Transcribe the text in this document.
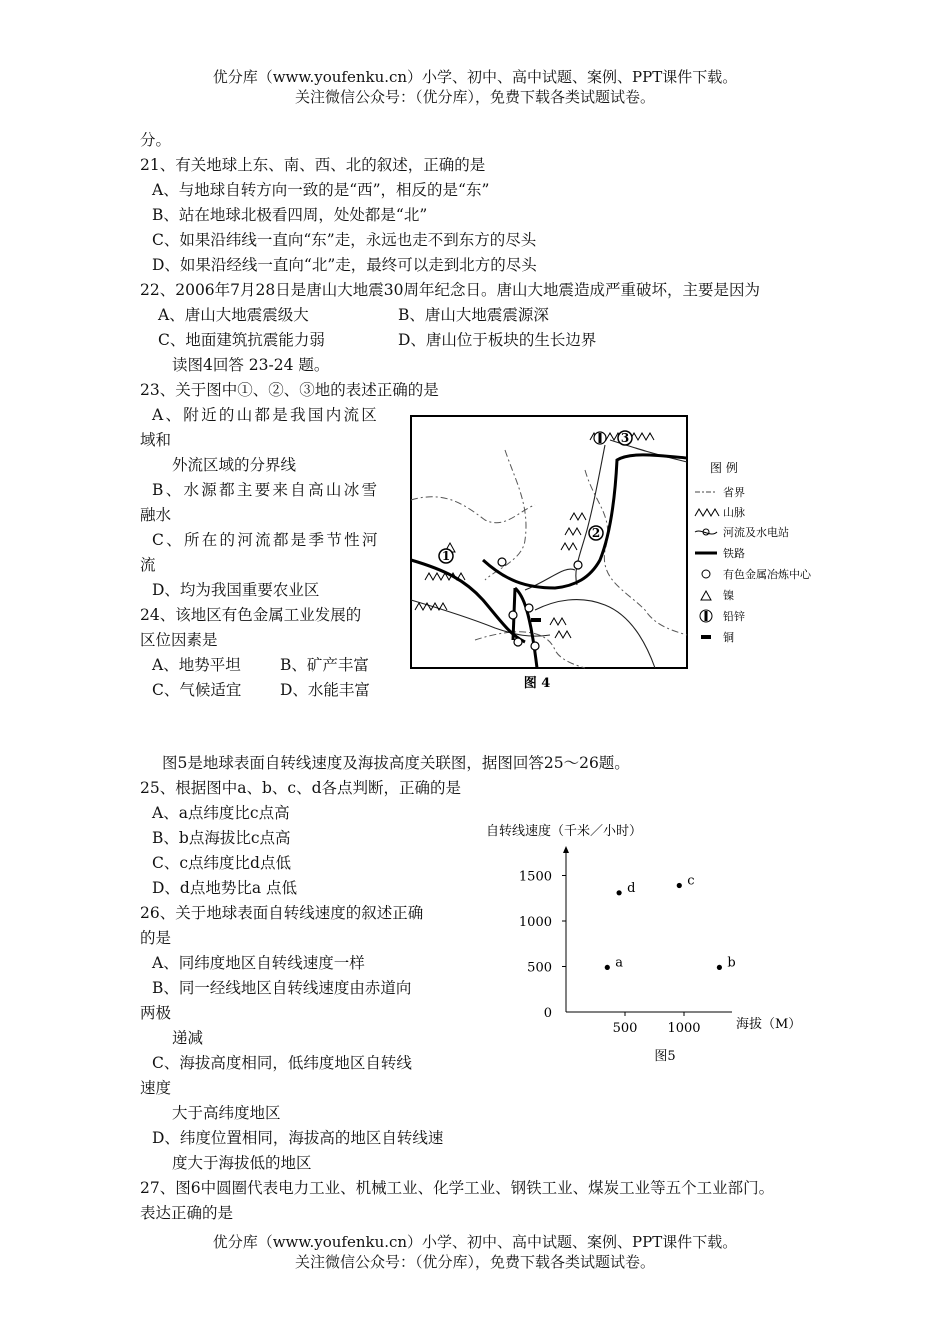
优分库（www.youfenku.cn）小学、初中、高中试题、案例、PPT课件下载。
关注微信公众号：（优分库），免费下载各类试题试卷。
分。
21、有关地球上东、南、西、北的叙述，正确的是
A、与地球自转方向一致的是“西”，相反的是“东”
B、站在地球北极看四周，处处都是“北”
C、如果沿纬线一直向“东”走，永远也走不到东方的尽头
D、如果沿经线一直向“北”走，最终可以走到北方的尽头
22、2006年7月28日是唐山大地震30周年纪念日。唐山大地震造成严重破坏，主要是因为
A、唐山大地震震级大	B、唐山大地震震源深
C、地面建筑抗震能力弱	D、唐山位于板块的生长边界
读图4回答 23-24 题。
23、关于图中①、②、③地的表述正确的是
A、附近的山都是我国内流区
域和
外流区域的分界线
B、水源都主要来自高山冰雪
融水
C、所在的河流都是季节性河
流
D、均为我国重要农业区
24、该地区有色金属工业发展的
区位因素是
A、地势平坦	B、矿产丰富
C、气候适宜 D、水能丰富
图5是地球表面自转线速度及海拔高度关联图，据图回答25～26题。
25、根据图中a、b、c、d各点判断，正确的是
A、a点纬度比c点高
B、b点海拔比c点高
C、c点纬度比d点低
D、d点地势比a 点低
26、关于地球表面自转线速度的叙述正确
的是
A、同纬度地区自转线速度一样
B、同一经线地区自转线速度由赤道向
两极
递减
C、海拔高度相同，低纬度地区自转线
速度
大于高纬度地区
D、纬度位置相同，海拔高的地区自转线速
度大于海拔低的地区
27、图6中圆圈代表电力工业、机械工业、化学工业、钢铁工业、煤炭工业等五个工业部门。
表达正确的是
1
2
3
图 例
省界
山脉
河流及水电站
铁路
有色金属冶炼中心
镍
铅锌
铜
图 4
自转线速度（千米／小时）
0
500
1000
1500
500 1000
a	b
c
d
海拔（M）
图5
优分库（www.youfenku.cn）小学、初中、高中试题、案例、PPT课件下载。
关注微信公众号：（优分库），免费下载各类试题试卷。
